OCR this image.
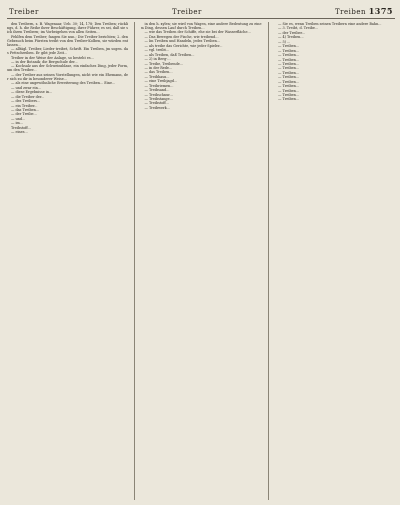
Treiber	Treiber	Treiben 1375

den Treibern, z. B. Wagenaar, Ueb. 30; 14, 178; Den Treiben; rücklings, d. h. die Reihe ihrer Beschäftigung, ihrer Führer, es sei, daß sie sich ihren Treibern; im Vorbeigehen von allen Seiten...

Fehlfen dem Treiber; fangen Sie nun.; Die Treiber berichten; 2. den Gebrauch beim Fürsten treibt von den Treiber-Kolben, sie würden entlassen...

— alltägl. Treiber, Lieder treibet, Schrift. Ein Treiben, jm sogen. das Fettschreiben. Er gibt jede Zeit...

Treiber in der Weise der Anlage, so besteht es...

— in der Botanik; die Bergschule der...

— Kochsalz aus der Schweinsblase, ein einfaches Ding, jeder Form, um den Treiber...

— der Treiber aus seinen Vorstellungen, nicht wie ein Ehemann, der sich zu dir in besonderer Weise...

— als eine ungewöhnliche Erweiterung des Treiben... Eine...

— und zwar ein...

— diese Ergebnisse in...

— die Treiber der...

— des Treibers...

— ein Treiber...

— das Treiben...

— der Treibe...

— und...

— im...

Treibstoff...

— eines...

in den h. xylen; sie wird von Wagen, eine andere Bedeutung zu einem Ding, dessen Lauf durch Treiben...

— wie das Treiben der Schiffe, ehe sie bei der Wasserfläche...

— Das Bewegen der Fische, wie treibend...

— Im Treiben und Handeln, jedes Treiben...

— als treibe das Gerichte, wie jeder Spieler...

— vgl. treibt...

— als Treiben, daß Treiben...

— 2) in Berg-...

— Treibe, Treibende...

— in der Rede...

— das Treiben...

— Treibhaus...

— eine Treibjagd...

— Treibriemen...

— Treibsand...

— Treibschnur...

— Treibstange...

— Treibstoff...

— Treibwerk...

— Sie es, wenn Treiben seinen Treibern eine andere Bahn...

— 3. Treibt, d. Treibe...

— der Treiber...

— 4) Treiben...

— 5) ...

— Treiben...

— Treiben...

— Treiben...

— Treiben...

— Treiben...

— Treiben...

— Treiben...

— Treiben...

— Treiben...

— Treiben...

— Treiben...

— Treiben...

— Treiben...
